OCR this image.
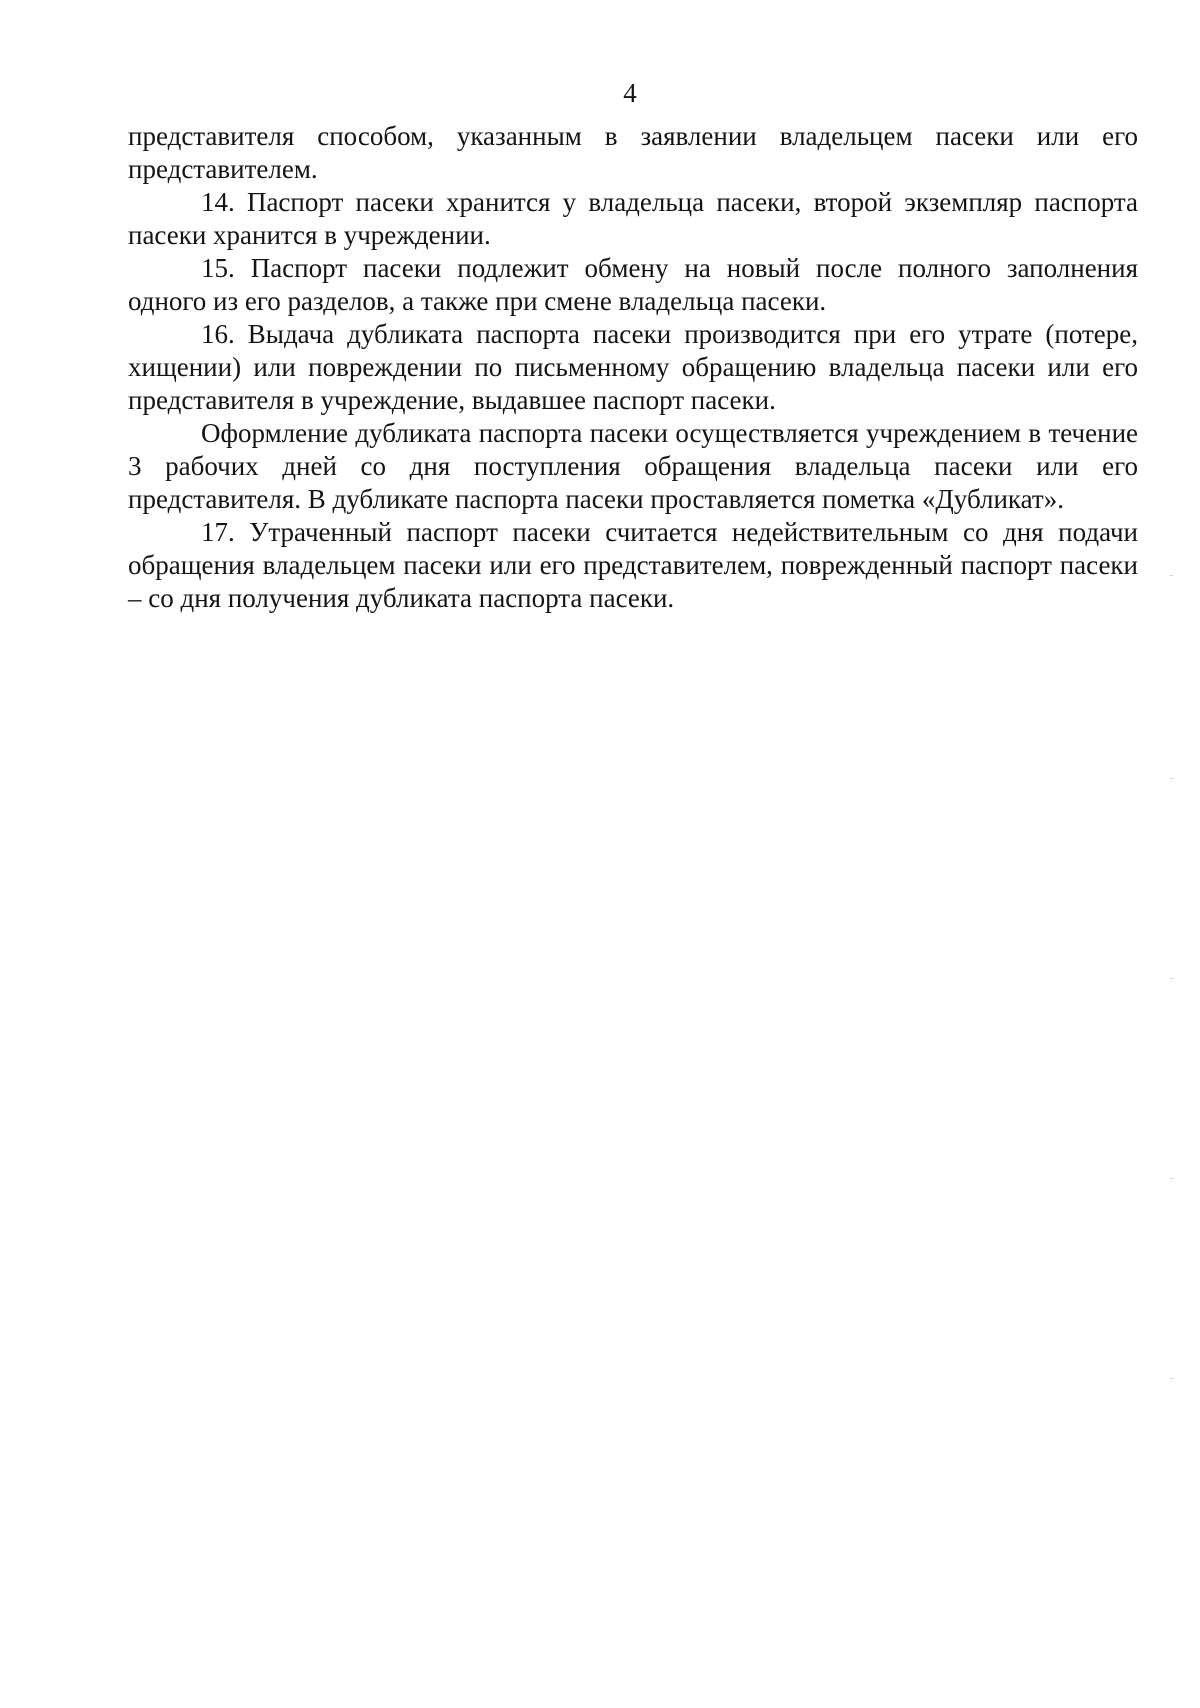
4

представителя способом, указанным в заявлении владельцем пасеки или его представителем.

14. Паспорт пасеки хранится у владельца пасеки, второй экземпляр паспорта пасеки хранится в учреждении.

15. Паспорт пасеки подлежит обмену на новый после полного заполнения одного из его разделов, а также при смене владельца пасеки.

16. Выдача дубликата паспорта пасеки производится при его утрате (потере, хищении) или повреждении по письменному обращению владельца пасеки или его представителя в учреждение, выдавшее паспорт пасеки.

Оформление дубликата паспорта пасеки осуществляется учреждением в течение 3 рабочих дней со дня поступления обращения владельца пасеки или его представителя. В дубликате паспорта пасеки проставляется пометка «Дубликат».

17. Утраченный паспорт пасеки считается недействительным со дня подачи обращения владельцем пасеки или его представителем, поврежденный паспорт пасеки – со дня получения дубликата паспорта пасеки.
